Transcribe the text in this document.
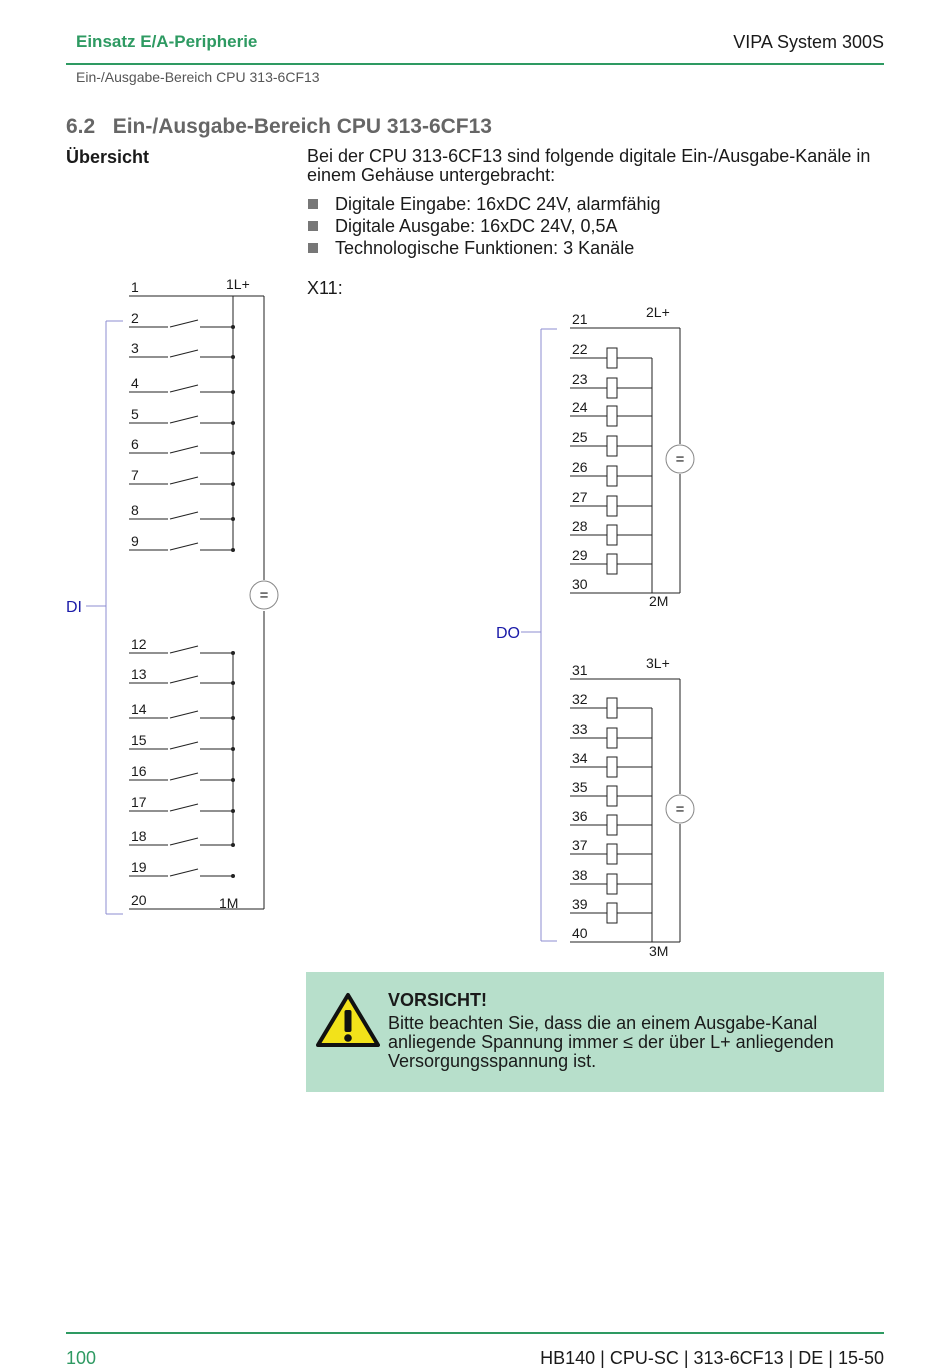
Einsatz E/A-Peripherie	VIPA System 300S
Ein-/Ausgabe-Bereich CPU 313-6CF13
6.2   Ein-/Ausgabe-Bereich CPU 313-6CF13
Übersicht	Bei der CPU 313-6CF13 sind folgende digitale Ein-/Ausgabe-Kanäle in einem Gehäuse untergebracht:
Digitale Eingabe: 16xDC 24V, alarmfähig
Digitale Ausgabe: 16xDC 24V, 0,5A
Technologische Funktionen: 3 Kanäle
X11:
1
2
3
4
5
6
7
8
9
12
13
14
15
16
17
18
19
20
1L+
1M
=
DI
21
22
23
24
25
26
27
28
29
30
=
2L+
2M
31
32
33
34
35
36
37
38
39
40
=
3L+
3M
DO
VORSICHT!
Bitte beachten Sie, dass die an einem Ausgabe-Kanal anliegende Spannung immer ≤ der über L+ anliegenden Versorgungsspannung ist.
100	HB140 | CPU-SC | 313-6CF13 | DE | 15-50
